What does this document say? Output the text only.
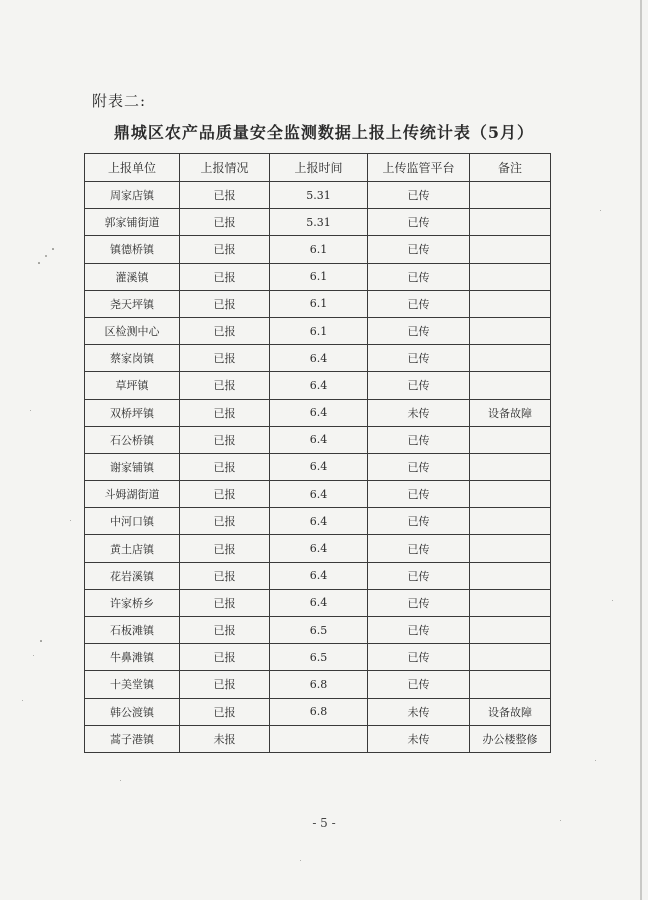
附表二:
鼎城区农产品质量安全监测数据上报上传统计表（5月）
上报单位	上报情况	上报时间	上传监管平台	备注
周家店镇	已报	5.31	已传	
郭家铺街道	已报	5.31	已传	
镇德桥镇	已报	6.1	已传	
灌溪镇	已报	6.1	已传	
尧天坪镇	已报	6.1	已传	
区检测中心	已报	6.1	已传	
蔡家岗镇	已报	6.4	已传	
草坪镇	已报	6.4	已传	
双桥坪镇	已报	6.4	未传	设备故障
石公桥镇	已报	6.4	已传	
谢家铺镇	已报	6.4	已传	
斗姆湖街道	已报	6.4	已传	
中河口镇	已报	6.4	已传	
黄土店镇	已报	6.4	已传	
花岩溪镇	已报	6.4	已传	
许家桥乡	已报	6.4	已传	
石板滩镇	已报	6.5	已传	
牛鼻滩镇	已报	6.5	已传	
十美堂镇	已报	6.8	已传	
韩公渡镇	已报	6.8	未传	设备故障
蒿子港镇	未报		未传	办公楼整修
- 5 -
